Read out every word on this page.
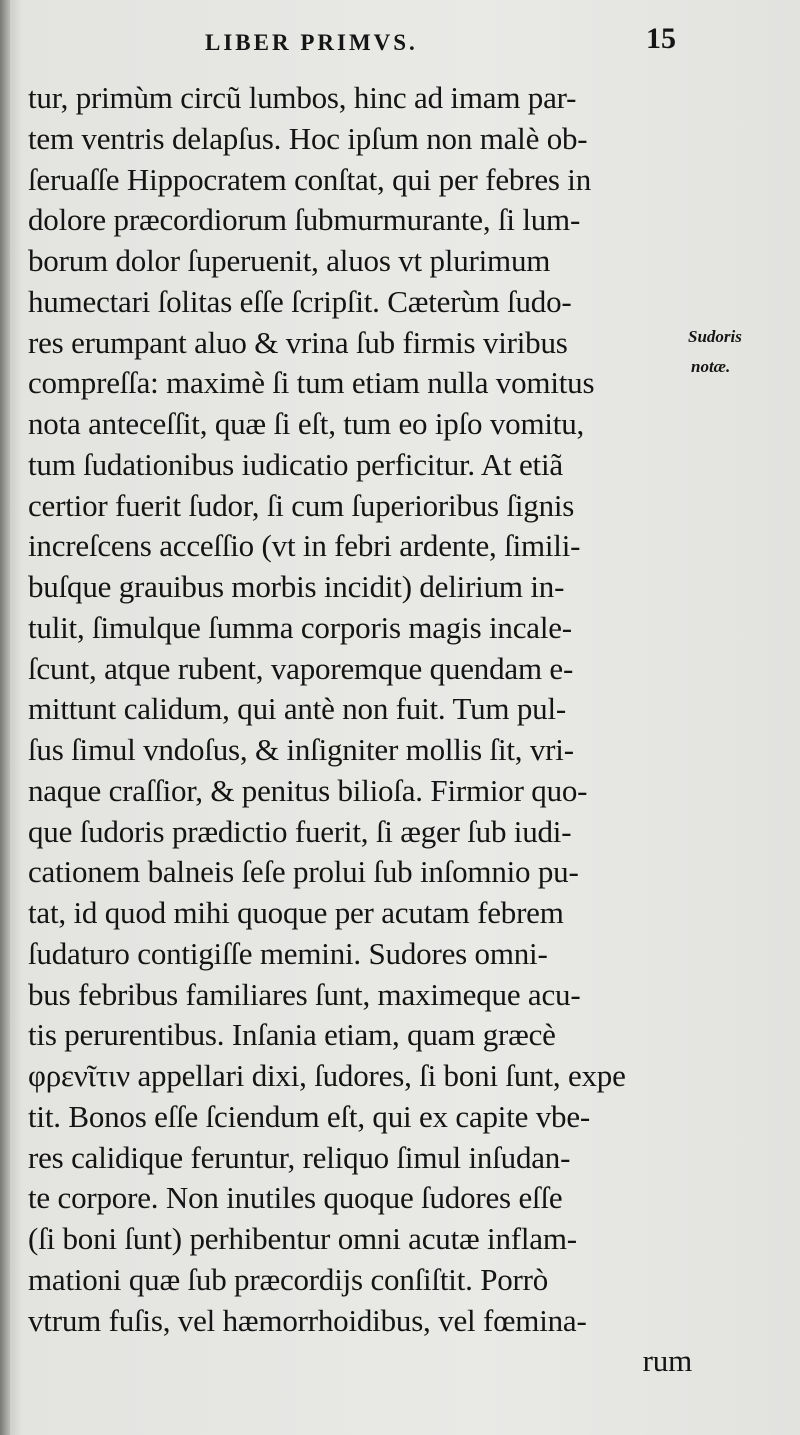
LIBER PRIMVS.	15
Sudoris
notæ.
tur, primùm circũ lumbos, hinc ad imam par-
tem ventris delapſus. Hoc ipſum non malè ob-
ſeruaſſe Hippocratem conſtat, qui per febres in
dolore præcordiorum ſubmurmurante, ſi lum-
borum dolor ſuperuenit, aluos vt plurimum
humectari ſolitas eſſe ſcripſit. Cæterùm ſudo-
res erumpant aluo & vrina ſub firmis viribus
compreſſa: maximè ſi tum etiam nulla vomitus
nota anteceſſit, quæ ſi eſt, tum eo ipſo vomitu,
tum ſudationibus iudicatio perficitur. At etiã
certior fuerit ſudor, ſi cum ſuperioribus ſignis
increſcens acceſſio (vt in febri ardente, ſimili-
buſque grauibus morbis incidit) delirium in-
tulit, ſimulque ſumma corporis magis incale-
ſcunt, atque rubent, vaporemque quendam e-
mittunt calidum, qui antè non fuit. Tum pul-
ſus ſimul vndoſus, & inſigniter mollis ſit, vri-
naque craſſior, & penitus bilioſa. Firmior quo-
que ſudoris prædictio fuerit, ſi æger ſub iudi-
cationem balneis ſeſe prolui ſub inſomnio pu-
tat, id quod mihi quoque per acutam febrem
ſudaturo contigiſſe memini. Sudores omni-
bus febribus familiares ſunt, maximeque acu-
tis perurentibus. Inſania etiam, quam græcè
φρενῖτιν appellari dixi, ſudores, ſi boni ſunt, expe
tit. Bonos eſſe ſciendum eſt, qui ex capite vbe-
res calidique feruntur, reliquo ſimul inſudan-
te corpore. Non inutiles quoque ſudores eſſe
(ſi boni ſunt) perhibentur omni acutæ inflam-
mationi quæ ſub præcordijs conſiſtit. Porrò
vtrum fuſis, vel hæmorrhoidibus, vel fœmina-
rum
